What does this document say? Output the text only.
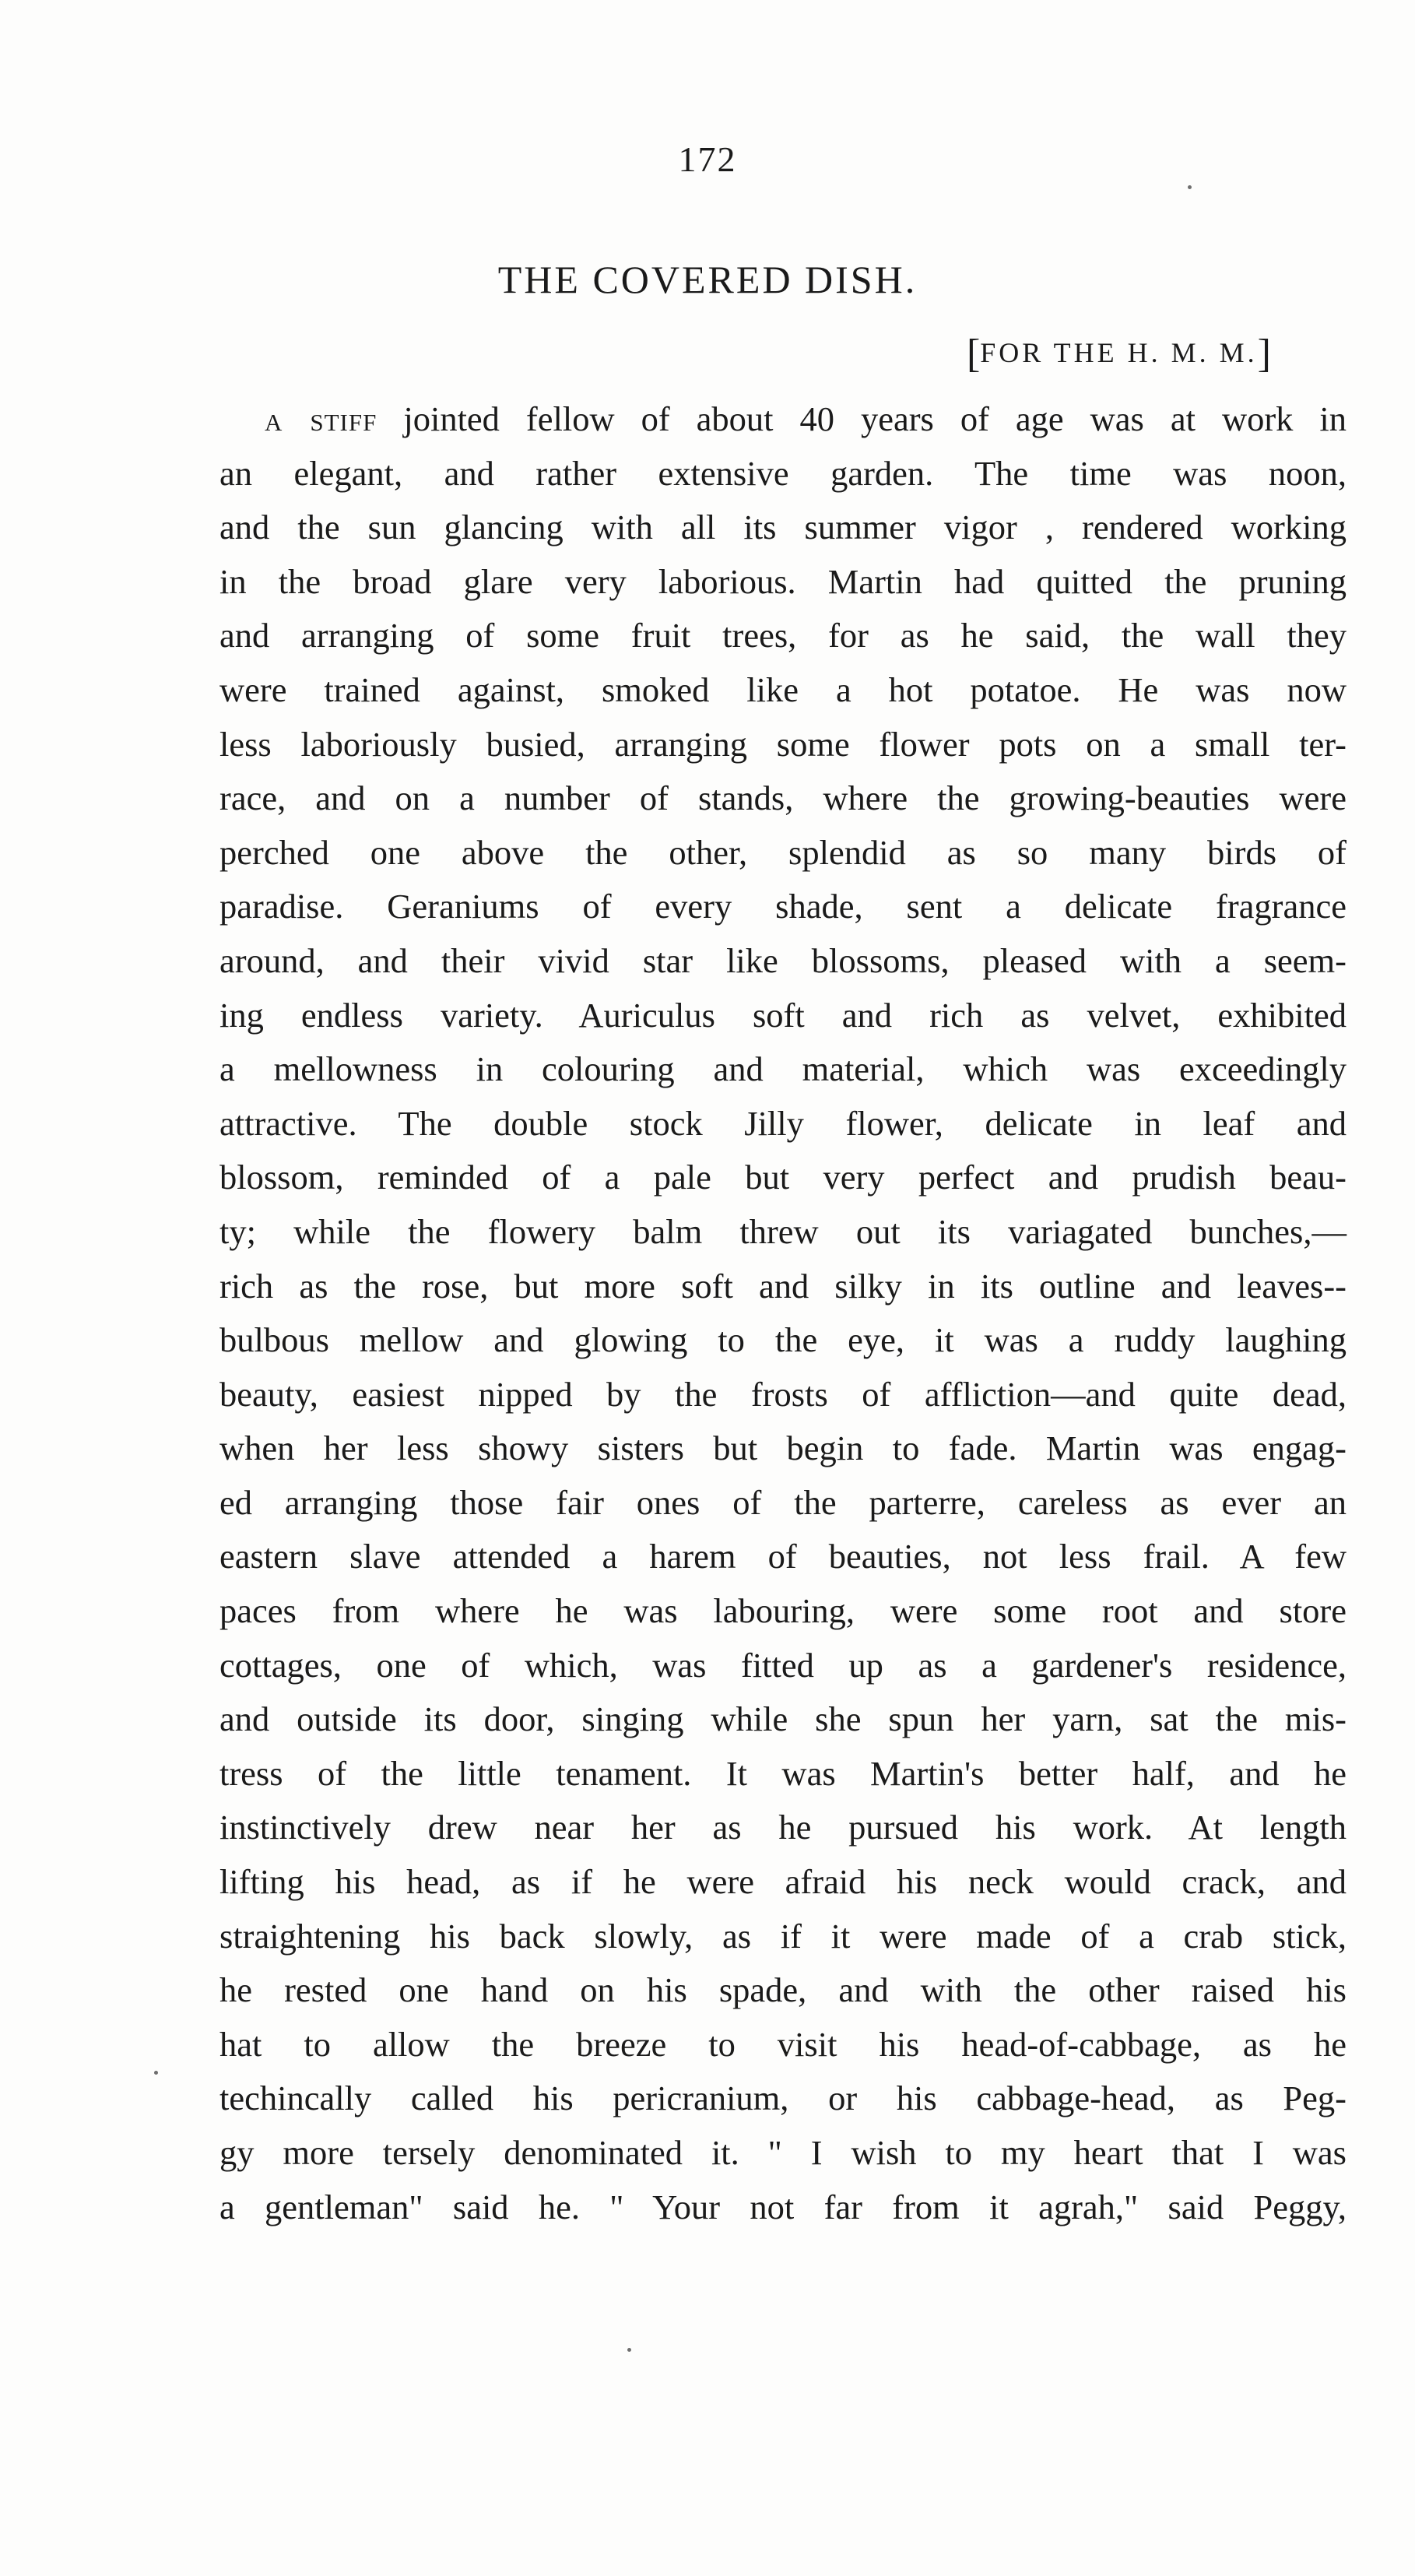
172
THE COVERED DISH.
[FOR THE H. M. M.]
a stiff jointed fellow of about 40 years of age was at work in
an elegant, and rather extensive garden. The time was noon,
and the sun glancing with all its summer vigor , rendered working
in the broad glare very laborious. Martin had quitted the pruning
and arranging of some fruit trees, for as he said, the wall they
were trained against, smoked like a hot potatoe. He was now
less laboriously busied, arranging some flower pots on a small ter-
race, and on a number of stands, where the growing-beauties were
perched one above the other, splendid as so many birds of
paradise. Geraniums of every shade, sent a delicate fragrance
around, and their vivid star like blossoms, pleased with a seem-
ing endless variety. Auriculus soft and rich as velvet, exhibited
a mellowness in colouring and material, which was exceedingly
attractive. The double stock Jilly flower, delicate in leaf and
blossom, reminded of a pale but very perfect and prudish beau-
ty; while the flowery balm threw out its variagated bunches,—
rich as the rose, but more soft and silky in its outline and leaves--
bulbous mellow and glowing to the eye, it was a ruddy laughing
beauty, easiest nipped by the frosts of affliction—and quite dead,
when her less showy sisters but begin to fade. Martin was engag-
ed arranging those fair ones of the parterre, careless as ever an
eastern slave attended a harem of beauties, not less frail. A few
paces from where he was labouring, were some root and store
cottages, one of which, was fitted up as a gardener's residence,
and outside its door, singing while she spun her yarn, sat the mis-
tress of the little tenament. It was Martin's better half, and he
instinctively drew near her as he pursued his work. At length
lifting his head, as if he were afraid his neck would crack, and
straightening his back slowly, as if it were made of a crab stick,
he rested one hand on his spade, and with the other raised his
hat to allow the breeze to visit his head-of-cabbage, as he
techincally called his pericranium, or his cabbage-head, as Peg-
gy more tersely denominated it. " I wish to my heart that I was
a gentleman" said he. " Your not far from it agrah," said Peggy,
